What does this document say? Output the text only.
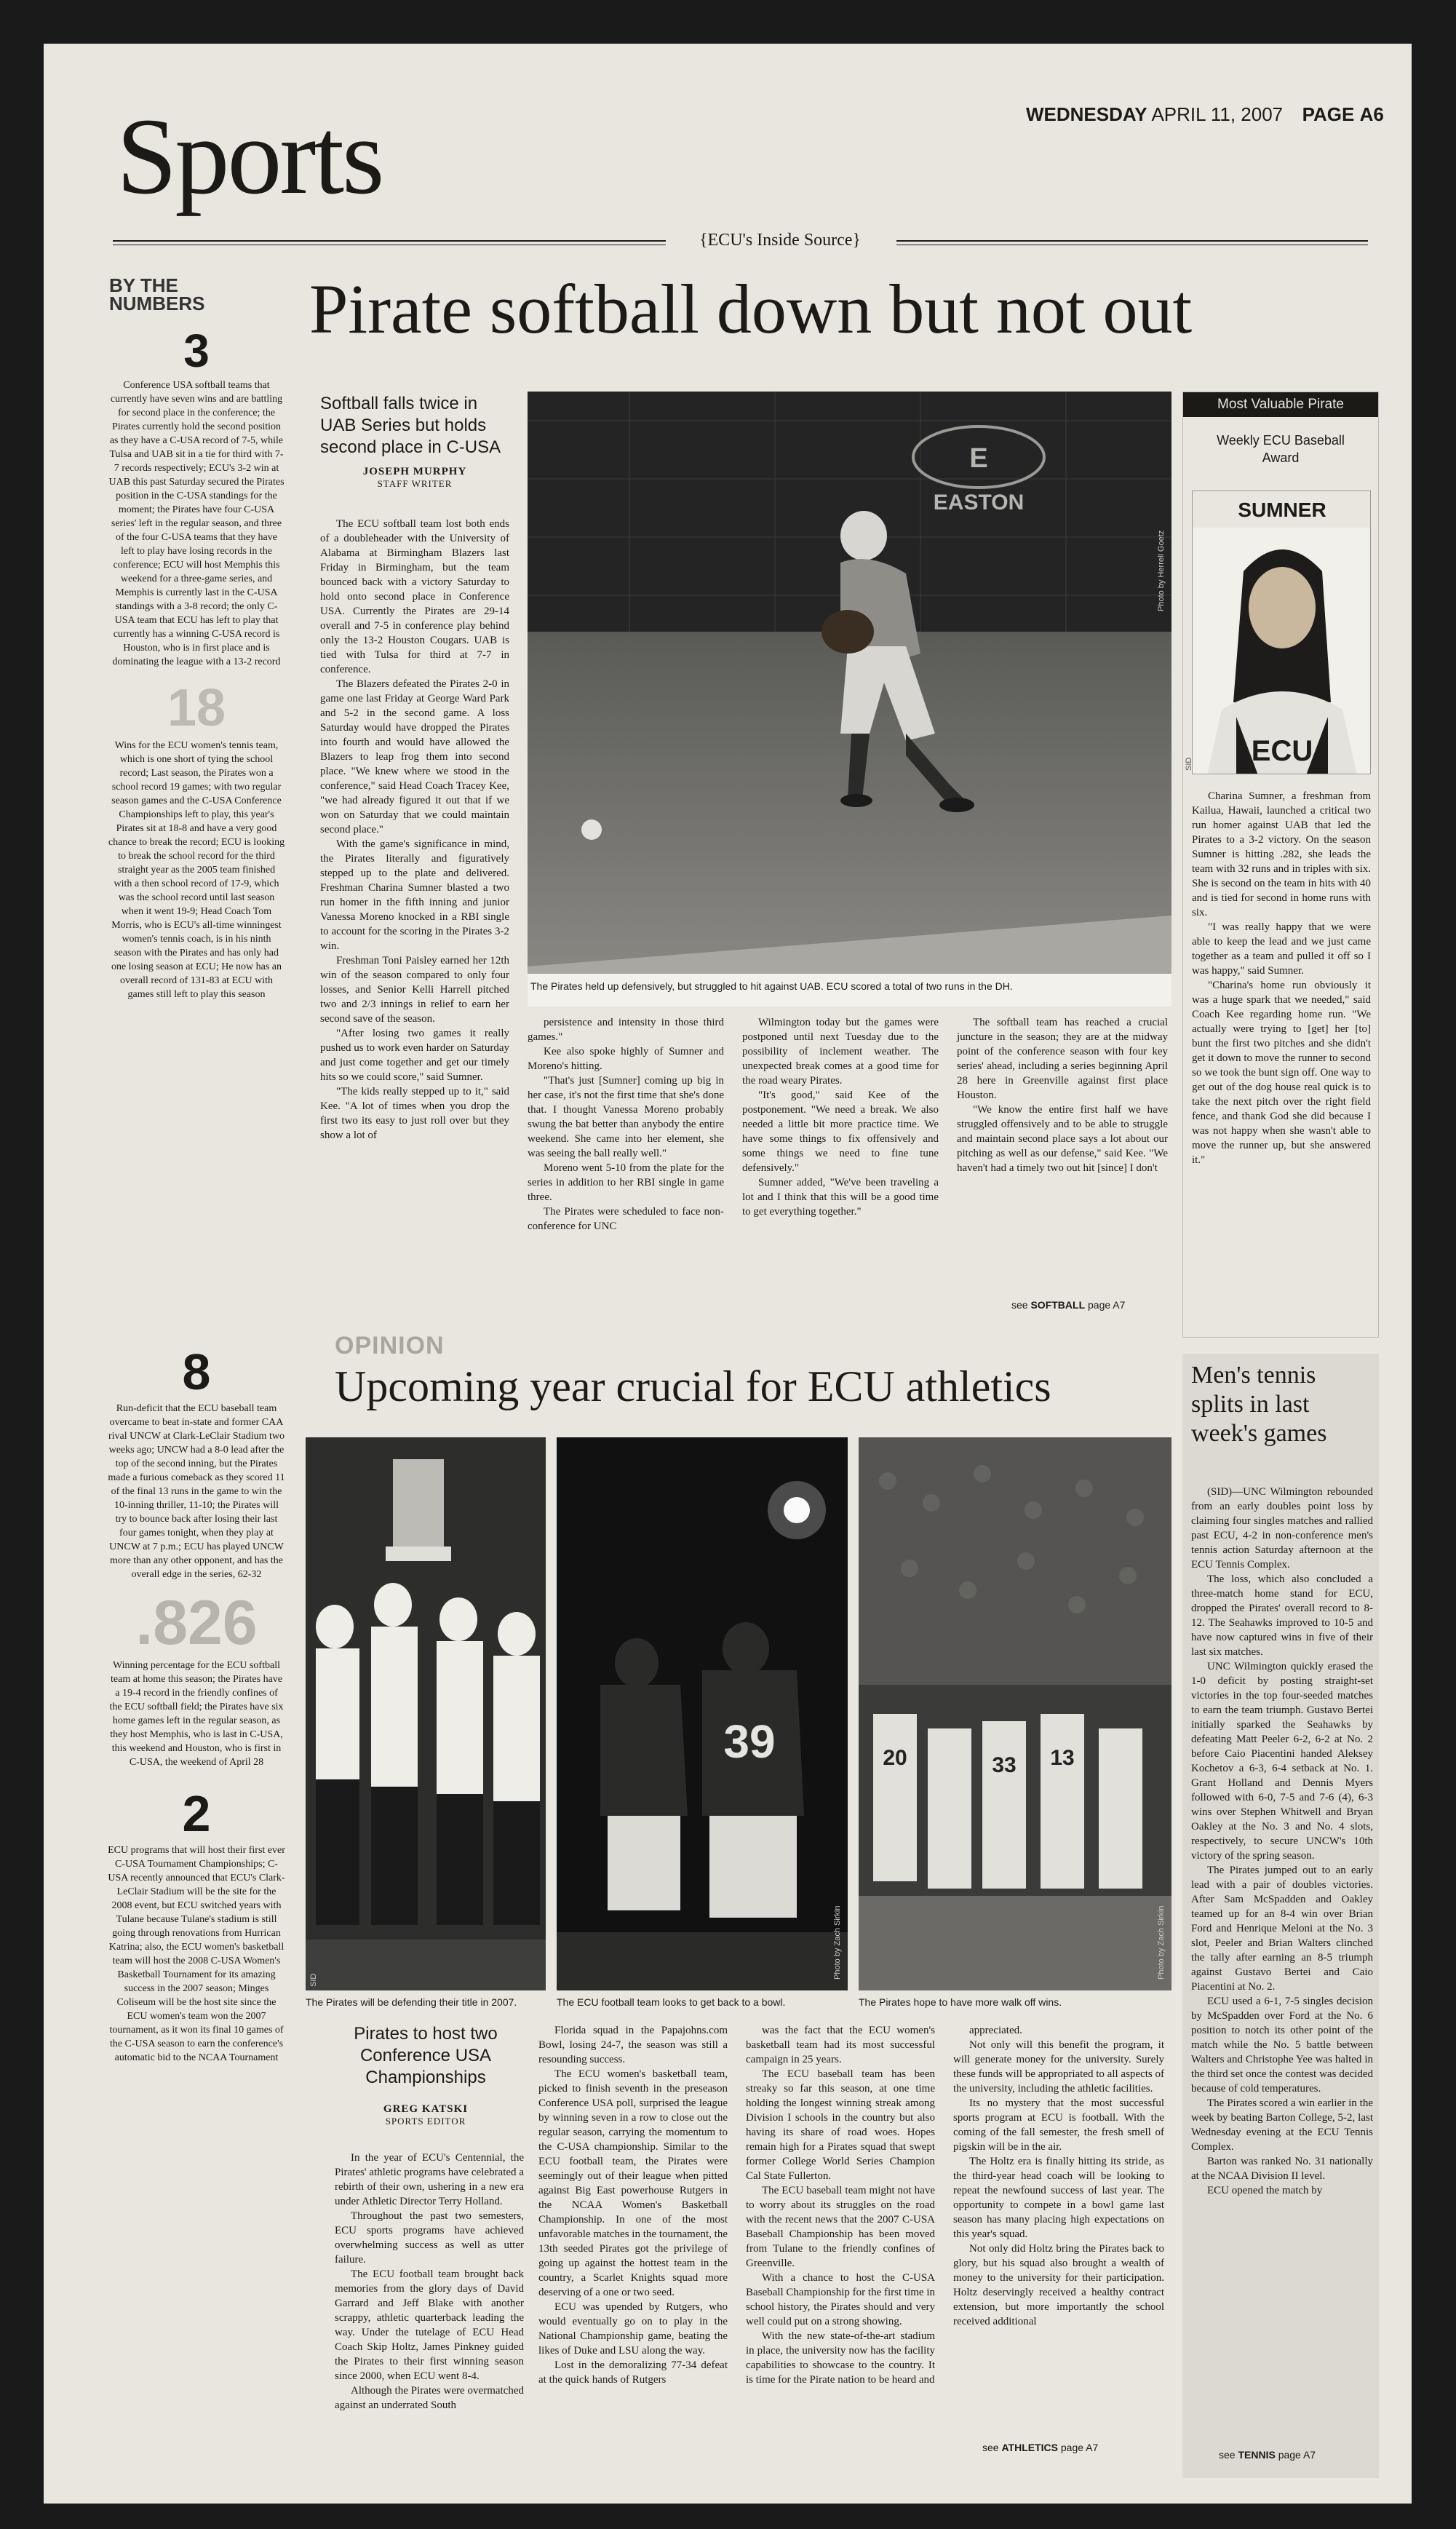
Sports	WEDNESDAY APRIL 11, 2007 PAGE A6
{ECU's Inside Source}
BY THE NUMBERS
3
Conference USA softball teams that currently have seven wins and are battling for second place in the conference; the Pirates currently hold the second position as they have a C-USA record of 7-5, while Tulsa and UAB sit in a tie for third with 7-7 records respectively; ECU's 3-2 win at UAB this past Saturday secured the Pirates position in the C-USA standings for the moment; the Pirates have four C-USA series' left in the regular season, and three of the four C-USA teams that they have left to play have losing records in the conference; ECU will host Memphis this weekend for a three-game series, and Memphis is currently last in the C-USA standings with a 3-8 record; the only C-USA team that ECU has left to play that currently has a winning C-USA record is Houston, who is in first place and is dominating the league with a 13-2 record
18
Wins for the ECU women's tennis team, which is one short of tying the school record; Last season, the Pirates won a school record 19 games; with two regular season games and the C-USA Conference Championships left to play, this year's Pirates sit at 18-8 and have a very good chance to break the record; ECU is looking to break the school record for the third straight year as the 2005 team finished with a then school record of 17-9, which was the school record until last season when it went 19-9; Head Coach Tom Morris, who is ECU's all-time winningest women's tennis coach, is in his ninth season with the Pirates and has only had one losing season at ECU; He now has an overall record of 131-83 at ECU with games still left to play this season
8
Run-deficit that the ECU baseball team overcame to beat in-state and former CAA rival UNCW at Clark-LeClair Stadium two weeks ago; UNCW had a 8-0 lead after the top of the second inning, but the Pirates made a furious comeback as they scored 11 of the final 13 runs in the game to win the 10-inning thriller, 11-10; the Pirates will try to bounce back after losing their last four games tonight, when they play at UNCW at 7 p.m.; ECU has played UNCW more than any other opponent, and has the overall edge in the series, 62-32
.826
Winning percentage for the ECU softball team at home this season; the Pirates have a 19-4 record in the friendly confines of the ECU softball field; the Pirates have six home games left in the regular season, as they host Memphis, who is last in C-USA, this weekend and Houston, who is first in C-USA, the weekend of April 28
2
ECU programs that will host their first ever C-USA Tournament Championships; C-USA recently announced that ECU's Clark-LeClair Stadium will be the site for the 2008 event, but ECU switched years with Tulane because Tulane's stadium is still going through renovations from Hurrican Katrina; also, the ECU women's basketball team will host the 2008 C-USA Women's Basketball Tournament for its amazing success in the 2007 season; Minges Coliseum will be the host site since the ECU women's team won the 2007 tournament, as it won its final 10 games of the C-USA season to earn the conference's automatic bid to the NCAA Tournament
Pirate softball down but not out
Softball falls twice in UAB Series but holds second place in C-USA
JOSEPH MURPHY
STAFF WRITER

The ECU softball team lost both ends of a doubleheader with the University of Alabama at Birmingham Blazers last Friday in Birmingham, but the team bounced back with a victory Saturday to hold onto second place in Conference USA. Currently the Pirates are 29-14 overall and 7-5 in conference play behind only the 13-2 Houston Cougars. UAB is tied with Tulsa for third at 7-7 in conference.

The Blazers defeated the Pirates 2-0 in game one last Friday at George Ward Park and 5-2 in the second game. A loss Saturday would have dropped the Pirates into fourth and would have allowed the Blazers to leap frog them into second place. "We knew where we stood in the conference," said Head Coach Tracey Kee, "we had already figured it out that if we won on Saturday that we could maintain second place."

With the game's significance in mind, the Pirates literally and figuratively stepped up to the plate and delivered. Freshman Charina Sumner blasted a two run homer in the fifth inning and junior Vanessa Moreno knocked in a RBI single to account for the scoring in the Pirates 3-2 win.

Freshman Toni Paisley earned her 12th win of the season compared to only four losses, and Senior Kelli Harrell pitched two and 2/3 innings in relief to earn her second save of the season.

"After losing two games it really pushed us to work even harder on Saturday and just come together and get our timely hits so we could score," said Sumner.

"The kids really stepped up to it," said Kee. "A lot of times when you drop the first two its easy to just roll over but they show a lot of

E
EASTON
The Pirates held up defensively, but struggled to hit against UAB. ECU scored a total of two runs in the DH.
Photo by Herrell Goetz

persistence and intensity in those third games."

Kee also spoke highly of Sumner and Moreno's hitting.

"That's just [Sumner] coming up big in her case, it's not the first time that she's done that. I thought Vanessa Moreno probably swung the bat better than anybody the entire weekend. She came into her element, she was seeing the ball really well."

Moreno went 5-10 from the plate for the series in addition to her RBI single in game three.

The Pirates were scheduled to face non-conference for UNC

Wilmington today but the games were postponed until next Tuesday due to the possibility of inclement weather. The unexpected break comes at a good time for the road weary Pirates.

"It's good," said Kee of the postponement. "We need a break. We also needed a little bit more practice time. We have some things to fix offensively and some things we need to fine tune defensively."

Sumner added, "We've been traveling a lot and I think that this will be a good time to get everything together."

The softball team has reached a crucial juncture in the season; they are at the midway point of the conference season with four key series' ahead, including a series beginning April 28 here in Greenville against first place Houston.

"We know the entire first half we have struggled offensively and to be able to struggle and maintain second place says a lot about our pitching as well as our defense," said Kee. "We haven't had a timely two out hit [since] I don't

see SOFTBALL page A7
Most Valuable Pirate
Weekly ECU Baseball Award
SUMNER
ECU
SID

Charina Sumner, a freshman from Kailua, Hawaii, launched a critical two run homer against UAB that led the Pirates to a 3-2 victory. On the season Sumner is hitting .282, she leads the team with 32 runs and in triples with six. She is second on the team in hits with 40 and is tied for second in home runs with six.

"I was really happy that we were able to keep the lead and we just came together as a team and pulled it off so I was happy," said Sumner.

"Charina's home run obviously it was a huge spark that we needed," said Coach Kee regarding home run. "We actually were trying to [get] her [to] bunt the first two pitches and she didn't get it down to move the runner to second so we took the bunt sign off. One way to get out of the dog house real quick is to take the next pitch over the right field fence, and thank God she did because I was not happy when she wasn't able to move the runner up, but she answered it."

OPINION
Upcoming year crucial for ECU athletics
SID
39
Photo by Zach Sirkin
20	33 13
Photo by Zach Sirkin
The Pirates will be defending their title in 2007.	The ECU football team looks to get back to a bowl.	The Pirates hope to have more walk off wins.
Pirates to host two Conference USA Championships
GREG KATSKI
SPORTS EDITOR

In the year of ECU's Centennial, the Pirates' athletic programs have celebrated a rebirth of their own, ushering in a new era under Athletic Director Terry Holland.

Throughout the past two semesters, ECU sports programs have achieved overwhelming success as well as utter failure.

The ECU football team brought back memories from the glory days of David Garrard and Jeff Blake with another scrappy, athletic quarterback leading the way. Under the tutelage of ECU Head Coach Skip Holtz, James Pinkney guided the Pirates to their first winning season since 2000, when ECU went 8-4.

Although the Pirates were overmatched against an underrated South

Florida squad in the Papajohns.com Bowl, losing 24-7, the season was still a resounding success.

The ECU women's basketball team, picked to finish seventh in the preseason Conference USA poll, surprised the league by winning seven in a row to close out the regular season, carrying the momentum to the C-USA championship. Similar to the ECU football team, the Pirates were seemingly out of their league when pitted against Big East powerhouse Rutgers in the NCAA Women's Basketball Championship. In one of the most unfavorable matches in the tournament, the 13th seeded Pirates got the privilege of going up against the hottest team in the country, a Scarlet Knights squad more deserving of a one or two seed.

ECU was upended by Rutgers, who would eventually go on to play in the National Championship game, beating the likes of Duke and LSU along the way.

Lost in the demoralizing 77-34 defeat at the quick hands of Rutgers

was the fact that the ECU women's basketball team had its most successful campaign in 25 years.

The ECU baseball team has been streaky so far this season, at one time holding the longest winning streak among Division I schools in the country but also having its share of road woes. Hopes remain high for a Pirates squad that swept former College World Series Champion Cal State Fullerton.

The ECU baseball team might not have to worry about its struggles on the road with the recent news that the 2007 C-USA Baseball Championship has been moved from Tulane to the friendly confines of Greenville.

With a chance to host the C-USA Baseball Championship for the first time in school history, the Pirates should and very well could put on a strong showing.

With the new state-of-the-art stadium in place, the university now has the facility capabilities to showcase to the country. It is time for the Pirate nation to be heard and

appreciated.

Not only will this benefit the program, it will generate money for the university. Surely these funds will be appropriated to all aspects of the university, including the athletic facilities.

Its no mystery that the most successful sports program at ECU is football. With the coming of the fall semester, the fresh smell of pigskin will be in the air.

The Holtz era is finally hitting its stride, as the third-year head coach will be looking to repeat the newfound success of last year. The opportunity to compete in a bowl game last season has many placing high expectations on this year's squad.

Not only did Holtz bring the Pirates back to glory, but his squad also brought a wealth of money to the university for their participation. Holtz deservingly received a healthy contract extension, but more importantly the school received additional

see ATHLETICS page A7
Men's tennis splits in last week's games

(SID)—UNC Wilmington rebounded from an early doubles point loss by claiming four singles matches and rallied past ECU, 4-2 in non-conference men's tennis action Saturday afternoon at the ECU Tennis Complex.

The loss, which also concluded a three-match home stand for ECU, dropped the Pirates' overall record to 8-12. The Seahawks improved to 10-5 and have now captured wins in five of their last six matches.

UNC Wilmington quickly erased the 1-0 deficit by posting straight-set victories in the top four-seeded matches to earn the team triumph. Gustavo Bertei initially sparked the Seahawks by defeating Matt Peeler 6-2, 6-2 at No. 2 before Caio Piacentini handed Aleksey Kochetov a 6-3, 6-4 setback at No. 1. Grant Holland and Dennis Myers followed with 6-0, 7-5 and 7-6 (4), 6-3 wins over Stephen Whitwell and Bryan Oakley at the No. 3 and No. 4 slots, respectively, to secure UNCW's 10th victory of the spring season.

The Pirates jumped out to an early lead with a pair of doubles victories. After Sam McSpadden and Oakley teamed up for an 8-4 win over Brian Ford and Henrique Meloni at the No. 3 slot, Peeler and Brian Walters clinched the tally after earning an 8-5 triumph against Gustavo Bertei and Caio Piacentini at No. 2.

ECU used a 6-1, 7-5 singles decision by McSpadden over Ford at the No. 6 position to notch its other point of the match while the No. 5 battle between Walters and Christophe Yee was halted in the third set once the contest was decided because of cold temperatures.

The Pirates scored a win earlier in the week by beating Barton College, 5-2, last Wednesday evening at the ECU Tennis Complex.

Barton was ranked No. 31 nationally at the NCAA Division II level.

ECU opened the match by

see TENNIS page A7
